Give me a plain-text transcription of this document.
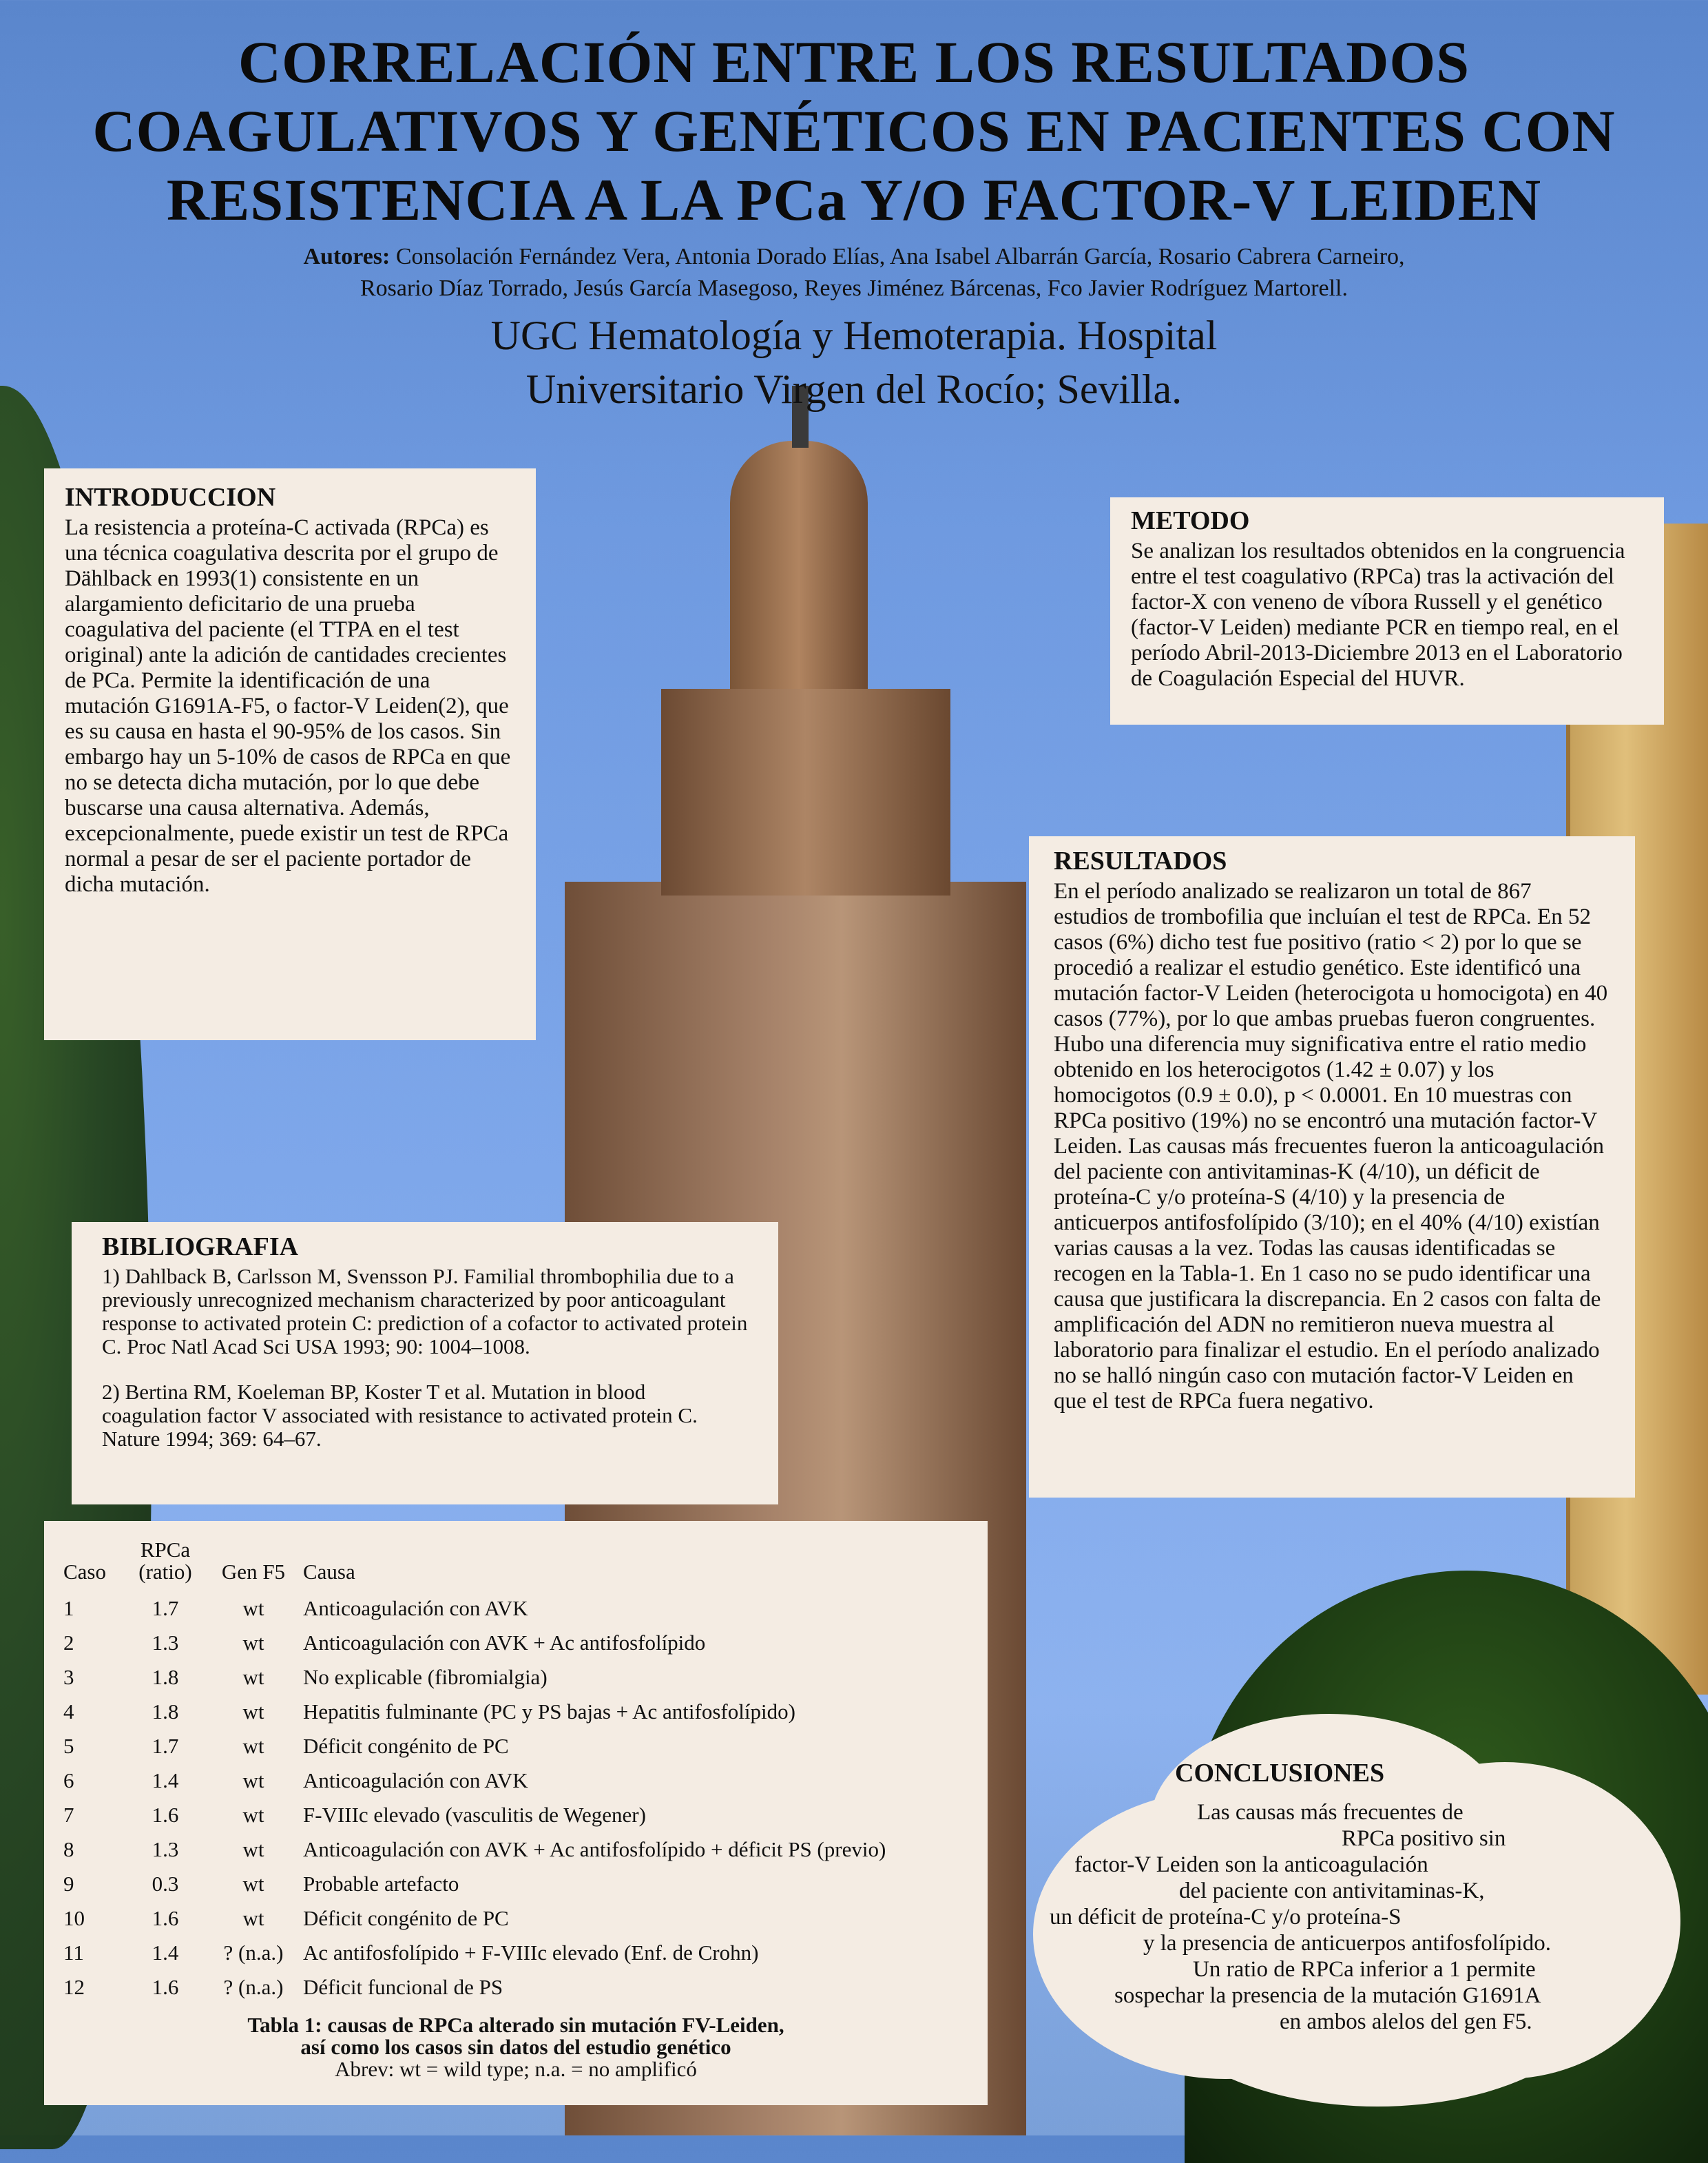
CORRELACIÓN ENTRE LOS RESULTADOS
COAGULATIVOS Y GENÉTICOS EN PACIENTES CON
RESISTENCIA A LA PCa Y/O FACTOR-V LEIDEN
Autores: Consolación Fernández Vera, Antonia Dorado Elías, Ana Isabel Albarrán García, Rosario Cabrera Carneiro,
Rosario Díaz Torrado, Jesús García Masegoso, Reyes Jiménez Bárcenas, Fco Javier Rodríguez Martorell.
UGC Hematología y Hemoterapia. Hospital
Universitario Virgen del Rocío; Sevilla.
INTRODUCCION

La resistencia a proteína-C activada (RPCa) es una técnica coagulativa descrita por el grupo de Dählback en 1993(1) consistente en un alargamiento deficitario de una prueba coagulativa del paciente (el TTPA en el test original) ante la adición de cantidades crecientes de PCa. Permite la identificación de una mutación G1691A-F5, o factor-V Leiden(2), que es su causa en hasta el 90-95% de los casos. Sin embargo hay un 5-10% de casos de RPCa en que no se detecta dicha mutación, por lo que debe buscarse una causa alternativa. Además, excepcionalmente, puede existir un test de RPCa normal a pesar de ser el paciente portador de dicha mutación.

METODO

Se analizan los resultados obtenidos en la congruencia entre el test coagulativo (RPCa) tras la activación del factor-X con veneno de víbora Russell y el genético (factor-V Leiden) mediante PCR en tiempo real, en el período Abril-2013-Diciembre 2013 en el Laboratorio de Coagulación Especial del HUVR.

RESULTADOS

En el período analizado se realizaron un total de 867 estudios de trombofilia que incluían el test de RPCa. En 52 casos (6%) dicho test fue positivo (ratio < 2) por lo que se procedió a realizar el estudio genético. Este identificó una mutación factor-V Leiden (heterocigota u homocigota) en 40 casos (77%), por lo que ambas pruebas fueron congruentes. Hubo una diferencia muy significativa entre el ratio medio obtenido en los heterocigotos (1.42 ± 0.07) y los homocigotos (0.9 ± 0.0), p < 0.0001. En 10 muestras con RPCa positivo (19%) no se encontró una mutación factor-V Leiden. Las causas más frecuentes fueron la anticoagulación del paciente con antivitaminas-K (4/10), un déficit de proteína-C y/o proteína-S (4/10) y la presencia de anticuerpos antifosfolípido (3/10); en el 40% (4/10) existían varias causas a la vez. Todas las causas identificadas se recogen en la Tabla-1. En 1 caso no se pudo identificar una causa que justificara la discrepancia. En 2 casos con falta de amplificación del ADN no remitieron nueva muestra al laboratorio para finalizar el estudio. En el período analizado no se halló ningún caso con mutación factor-V Leiden en que el test de RPCa fuera negativo.

BIBLIOGRAFIA

1) Dahlback B, Carlsson M, Svensson PJ. Familial thrombophilia due to a previously unrecognized mechanism characterized by poor anticoagulant response to activated protein C: prediction of a cofactor to activated protein C. Proc Natl Acad Sci USA 1993; 90: 1004–1008.

2) Bertina RM, Koeleman BP, Koster T et al. Mutation in blood coagulation factor V associated with resistance to activated protein C. Nature 1994; 369: 64–67.

Caso	RPCa (ratio)	Gen F5	Causa
1	1.7	wt	Anticoagulación con AVK
2	1.3	wt	Anticoagulación con AVK + Ac antifosfolípido
3	1.8	wt	No explicable (fibromialgia)
4	1.8	wt	Hepatitis fulminante (PC y PS bajas + Ac antifosfolípido)
5	1.7	wt	Déficit congénito de PC
6	1.4	wt	Anticoagulación con AVK
7	1.6	wt	F-VIIIc elevado (vasculitis de Wegener)
8	1.3	wt	Anticoagulación con AVK + Ac antifosfolípido + déficit PS (previo)
9	0.3	wt	Probable artefacto
10	1.6	wt	Déficit congénito de PC
11	1.4	? (n.a.)	Ac antifosfolípido + F-VIIIc elevado (Enf. de Crohn)
12	1.6	? (n.a.)	Déficit funcional de PS
Tabla 1: causas de RPCa alterado sin mutación FV-Leiden,
así como los casos sin datos del estudio genético
Abrev: wt = wild type; n.a. = no amplificó
CONCLUSIONES

Las causas más frecuentes de

RPCa positivo sin

factor-V Leiden son la anticoagulación

del paciente con antivitaminas-K,

un déficit de proteína-C y/o proteína-S

y la presencia de anticuerpos antifosfolípido.

Un ratio de RPCa inferior a 1 permite

sospechar la presencia de la mutación G1691A

en ambos alelos del gen F5.
